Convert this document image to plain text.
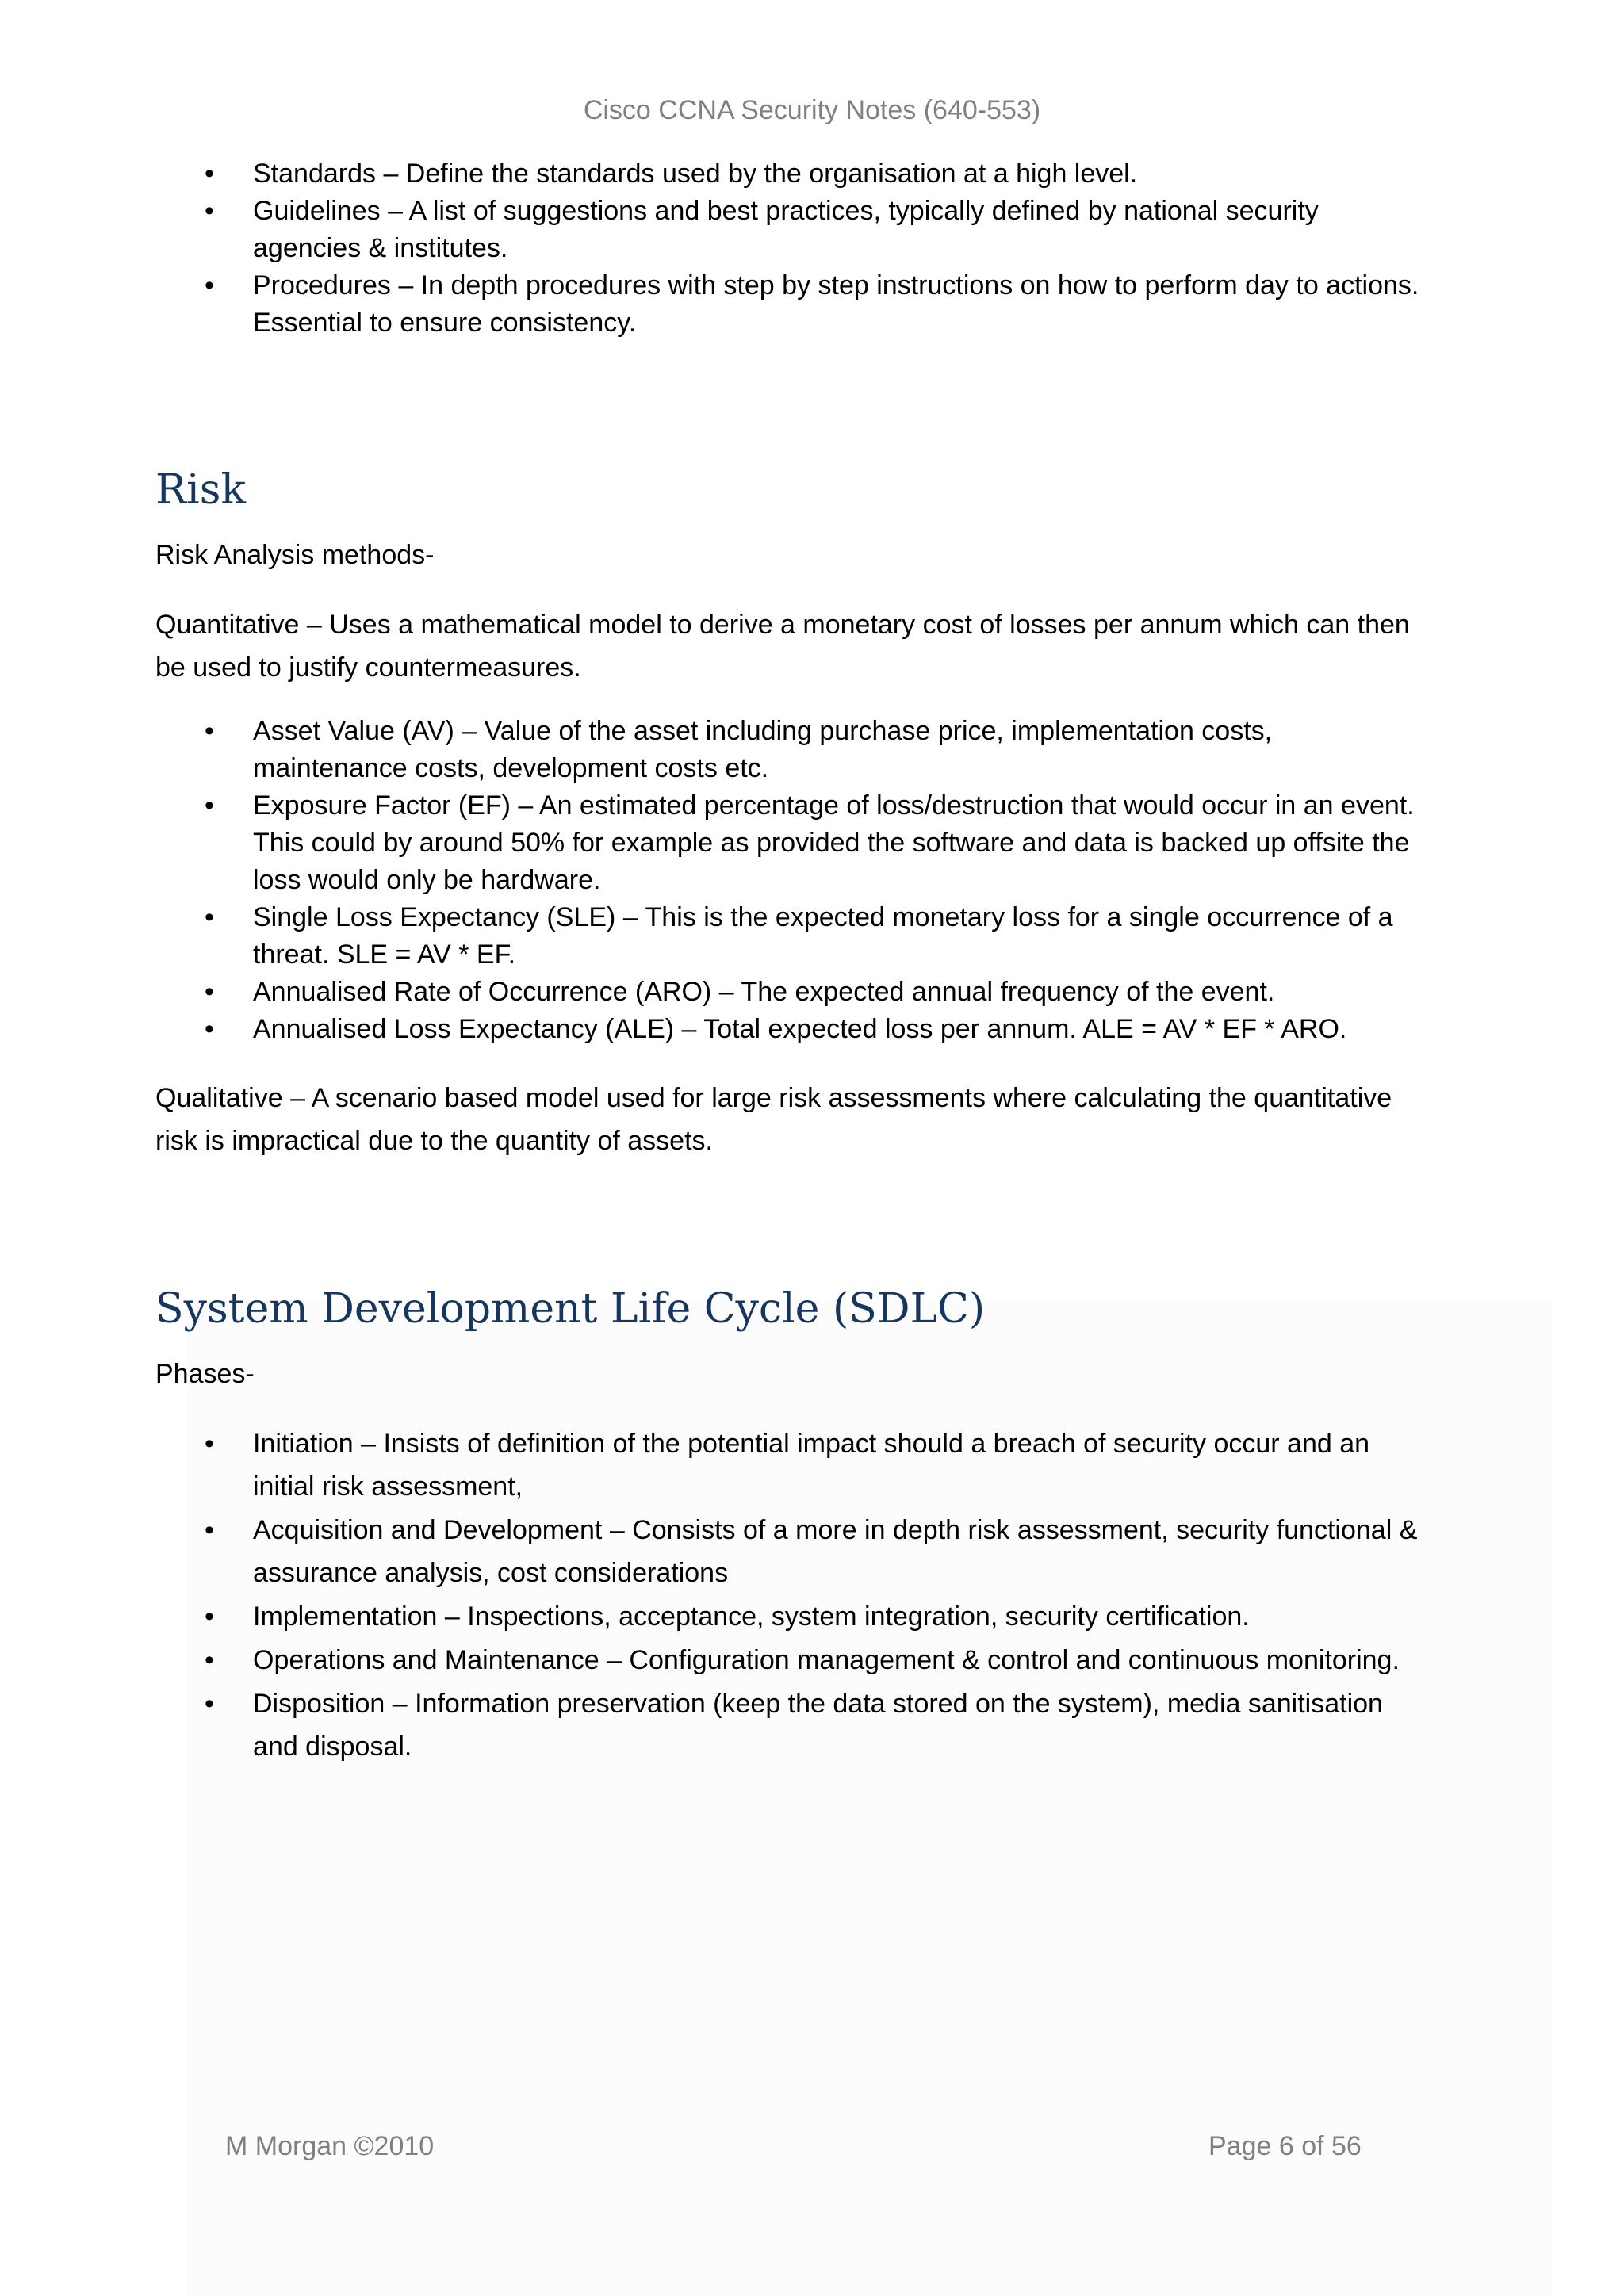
Cisco CCNA Security Notes (640-553)
• Standards – Define the standards used by the organisation at a high level.
• Guidelines – A list of suggestions and best practices, typically defined by national security agencies & institutes.
• Procedures – In depth procedures with step by step instructions on how to perform day to actions. Essential to ensure consistency.
Risk

Risk Analysis methods-

Quantitative – Uses a mathematical model to derive a monetary cost of losses per annum which can then be used to justify countermeasures.

• Asset Value (AV) – Value of the asset including purchase price, implementation costs, maintenance costs, development costs etc.
• Exposure Factor (EF) – An estimated percentage of loss/destruction that would occur in an event. This could by around 50% for example as provided the software and data is backed up offsite the loss would only be hardware.
• Single Loss Expectancy (SLE) – This is the expected monetary loss for a single occurrence of a threat. SLE = AV * EF.
• Annualised Rate of Occurrence (ARO) – The expected annual frequency of the event.
• Annualised Loss Expectancy (ALE) – Total expected loss per annum. ALE = AV * EF * ARO.

Qualitative – A scenario based model used for large risk assessments where calculating the quantitative risk is impractical due to the quantity of assets.

System Development Life Cycle (SDLC)

Phases-

• Initiation – Insists of definition of the potential impact should a breach of security occur and an initial risk assessment,
• Acquisition and Development – Consists of a more in depth risk assessment, security functional & assurance analysis, cost considerations
• Implementation – Inspections, acceptance, system integration, security certification.
• Operations and Maintenance – Configuration management & control and continuous monitoring.
• Disposition – Information preservation (keep the data stored on the system), media sanitisation and disposal.
M Morgan ©2010	Page 6 of 56
